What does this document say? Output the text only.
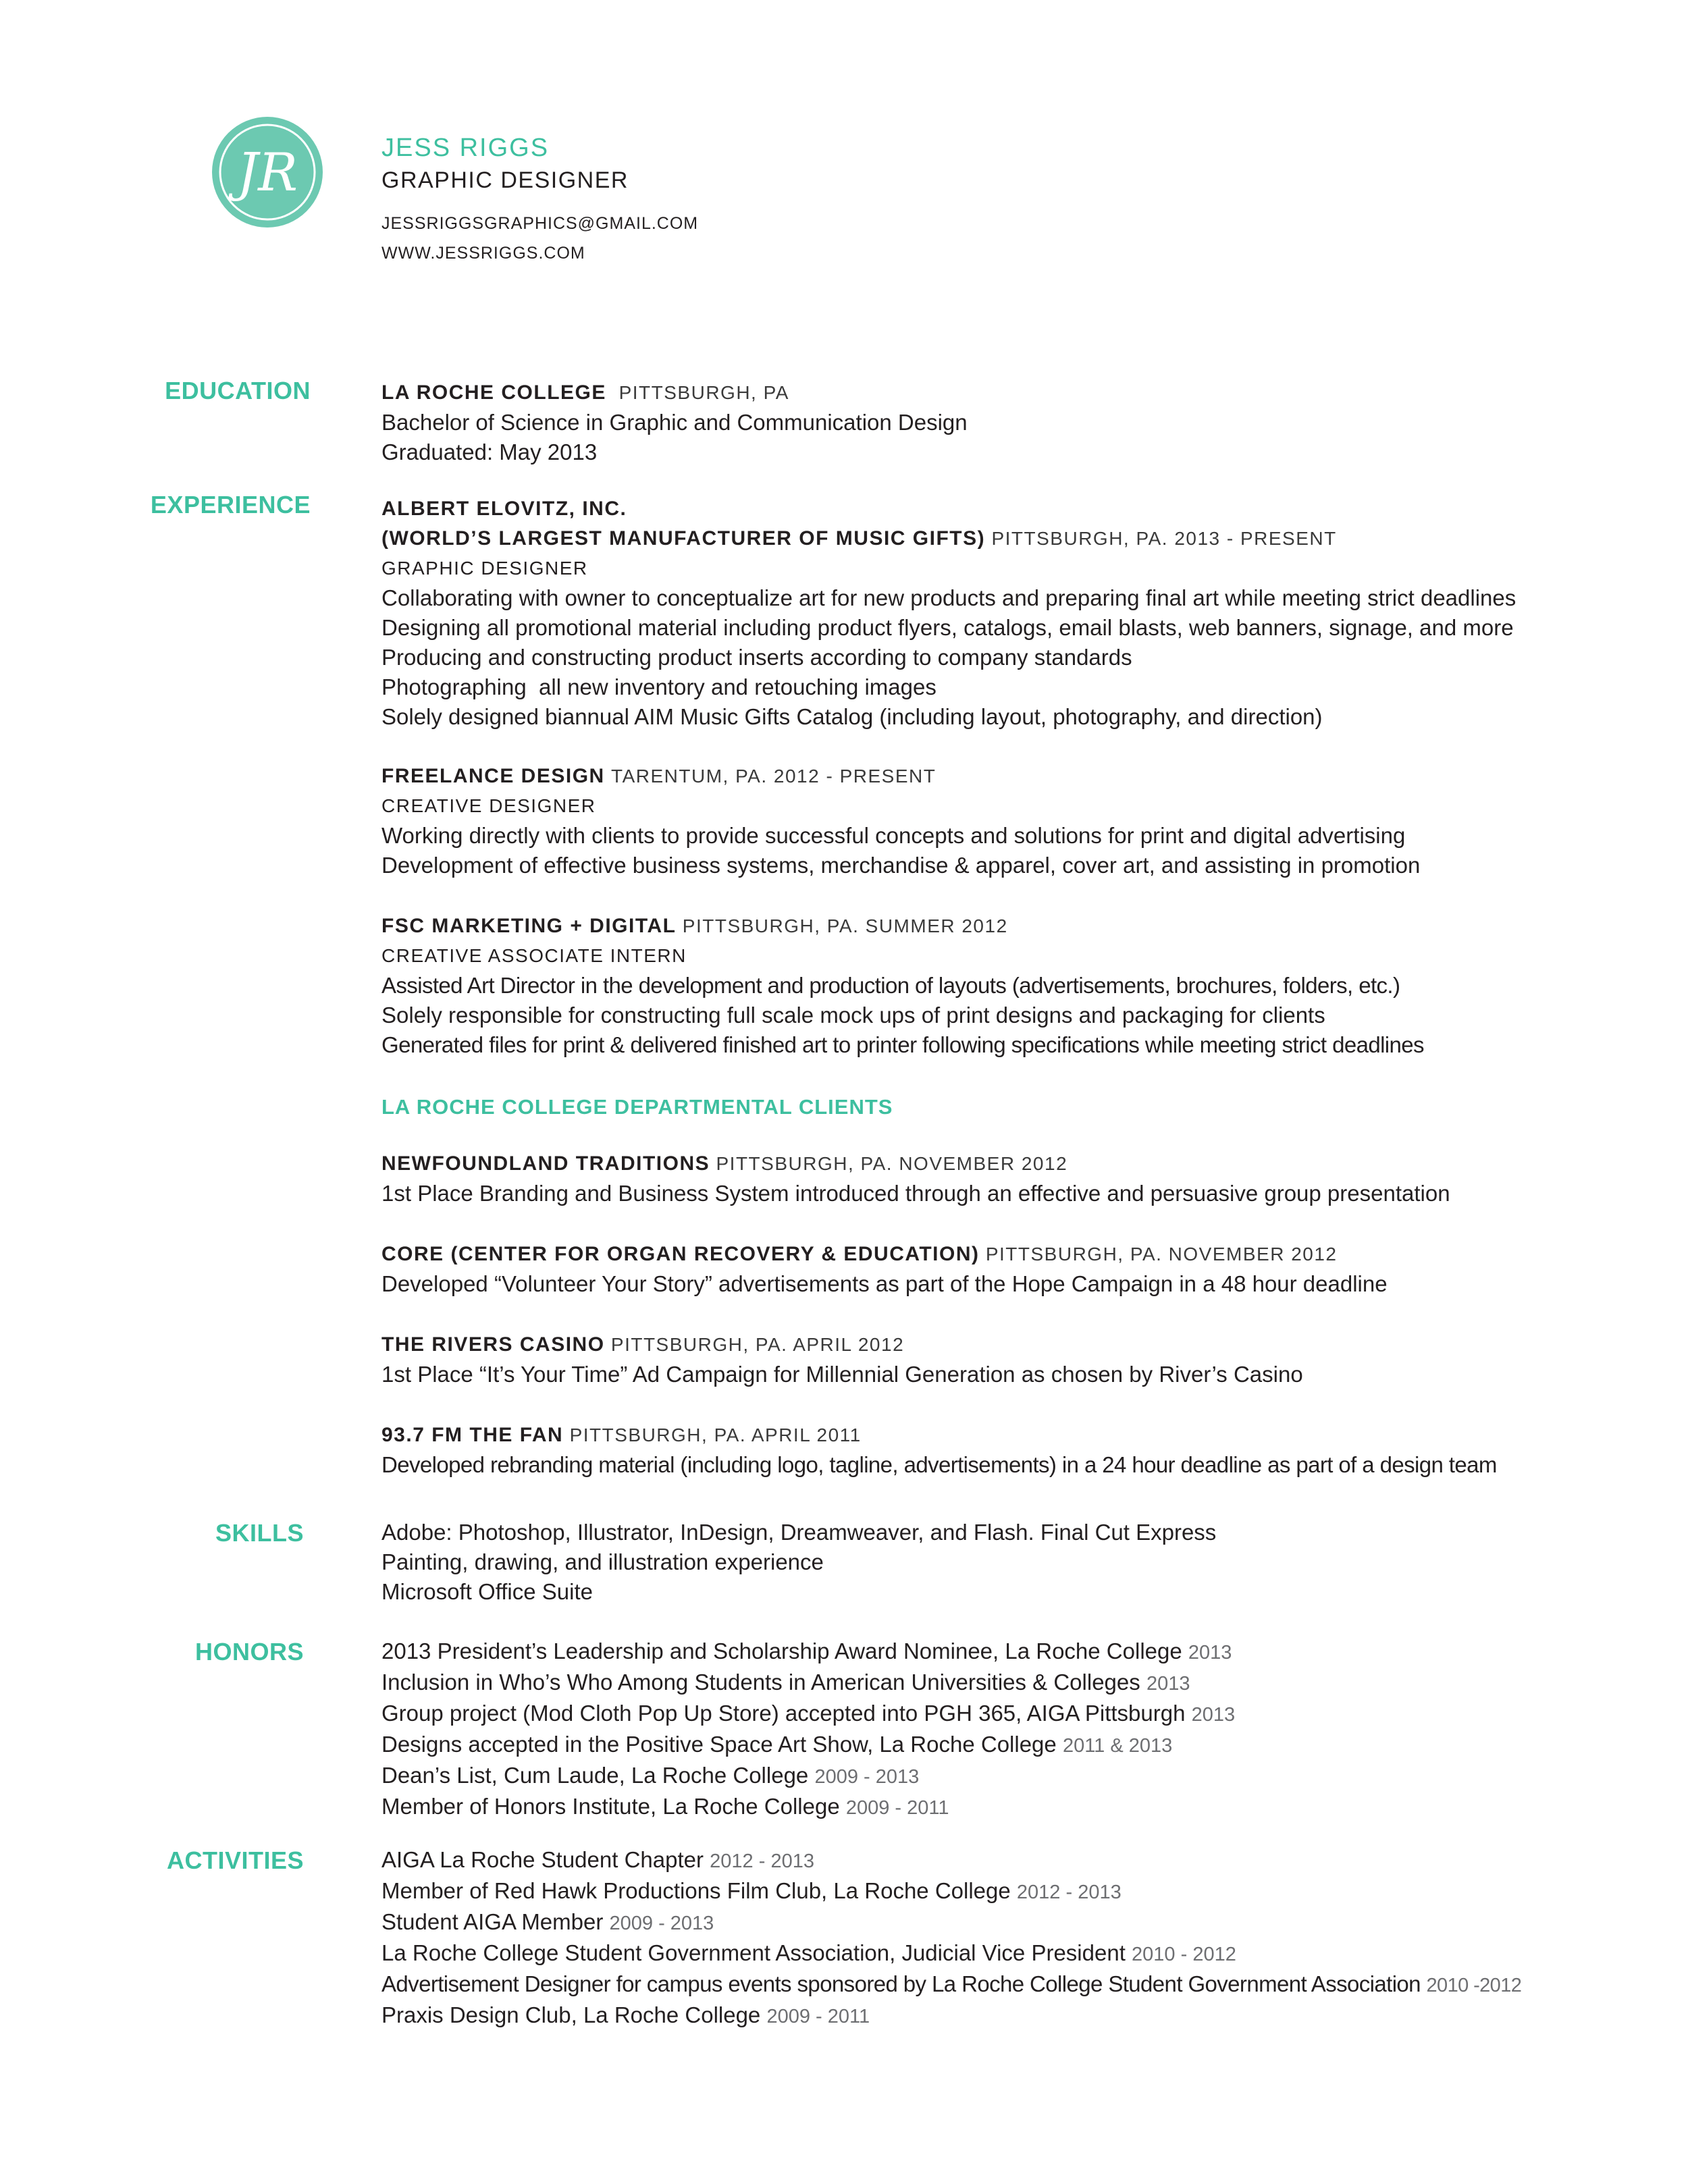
JR	JESS RIGGS
GRAPHIC DESIGNER
JESSRIGGSGRAPHICS@GMAIL.COM
WWW.JESSRIGGS.COM
EDUCATION	LA ROCHE COLLEGE PITTSBURGH, PA
Bachelor of Science in Graphic and Communication Design
Graduated: May 2013
EXPERIENCE	ALBERT ELOVITZ, INC.
(WORLD’S LARGEST MANUFACTURER OF MUSIC GIFTS) PITTSBURGH, PA. 2013 - PRESENT
GRAPHIC DESIGNER
Collaborating with owner to conceptualize art for new products and preparing final art while meeting strict deadlines
Designing all promotional material including product flyers, catalogs, email blasts, web banners, signage, and more
Producing and constructing product inserts according to company standards
Photographing  all new inventory and retouching images
Solely designed biannual AIM Music Gifts Catalog (including layout, photography, and direction)
FREELANCE DESIGN TARENTUM, PA. 2012 - PRESENT
CREATIVE DESIGNER
Working directly with clients to provide successful concepts and solutions for print and digital advertising
Development of effective business systems, merchandise & apparel, cover art, and assisting in promotion
FSC MARKETING + DIGITAL PITTSBURGH, PA. SUMMER 2012
CREATIVE ASSOCIATE INTERN
Assisted Art Director in the development and production of layouts (advertisements, brochures, folders, etc.)
Solely responsible for constructing full scale mock ups of print designs and packaging for clients
Generated files for print & delivered finished art to printer following specifications while meeting strict deadlines
LA ROCHE COLLEGE DEPARTMENTAL CLIENTS
NEWFOUNDLAND TRADITIONS PITTSBURGH, PA. NOVEMBER 2012
1st Place Branding and Business System introduced through an effective and persuasive group presentation
CORE (CENTER FOR ORGAN RECOVERY & EDUCATION) PITTSBURGH, PA. NOVEMBER 2012
Developed “Volunteer Your Story” advertisements as part of the Hope Campaign in a 48 hour deadline
THE RIVERS CASINO PITTSBURGH, PA. APRIL 2012
1st Place “It’s Your Time” Ad Campaign for Millennial Generation as chosen by River’s Casino
93.7 FM THE FAN PITTSBURGH, PA. APRIL 2011
Developed rebranding material (including logo, tagline, advertisements) in a 24 hour deadline as part of a design team
SKILLS	Adobe: Photoshop, Illustrator, InDesign, Dreamweaver, and Flash. Final Cut Express
Painting, drawing, and illustration experience
Microsoft Office Suite
HONORS	2013 President’s Leadership and Scholarship Award Nominee, La Roche College 2013
Inclusion in Who’s Who Among Students in American Universities & Colleges 2013
Group project (Mod Cloth Pop Up Store) accepted into PGH 365, AIGA Pittsburgh 2013
Designs accepted in the Positive Space Art Show, La Roche College 2011 & 2013
Dean’s List, Cum Laude, La Roche College 2009 - 2013
Member of Honors Institute, La Roche College 2009 - 2011
ACTIVITIES	AIGA La Roche Student Chapter 2012 - 2013
Member of Red Hawk Productions Film Club, La Roche College 2012 - 2013
Student AIGA Member 2009 - 2013
La Roche College Student Government Association, Judicial Vice President 2010 - 2012
Advertisement Designer for campus events sponsored by La Roche College Student Government Association 2010 -2012
Praxis Design Club, La Roche College 2009 - 2011
